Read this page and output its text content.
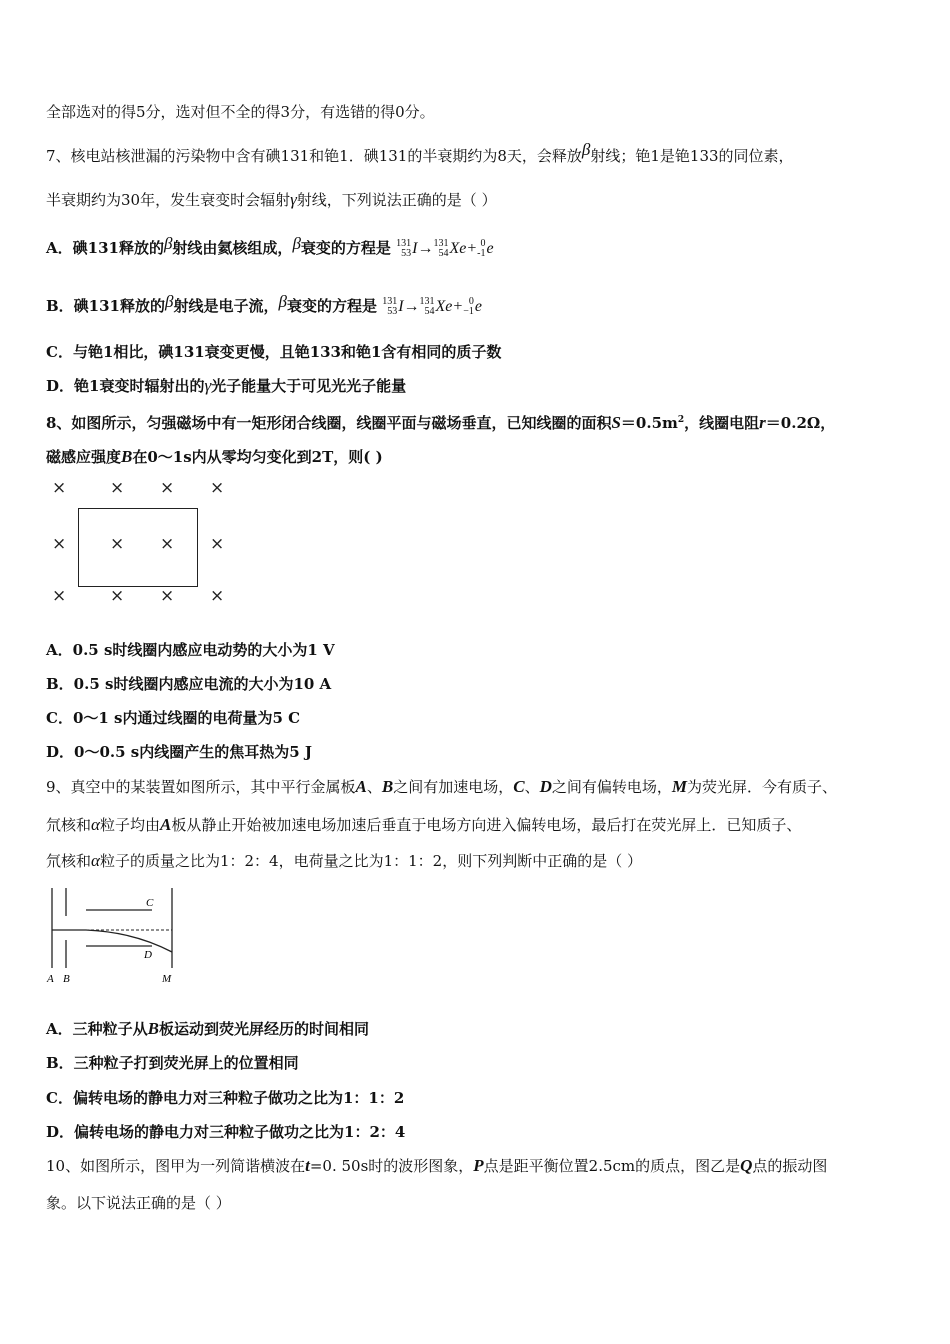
全部选对的得5分，选对但不全的得3分，有选错的得0分。
7、核电站核泄漏的污染物中含有碘131和铯1．碘131的半衰期约为8天，会释放β射线；铯1是铯133的同位素，
半衰期约为30年，发生衰变时会辐射γ射线，下列说法正确的是（ ）
A．碘131释放的β射线由氦核组成，β衰变的方程是 131
53I→131
54Xe+ 0
-1e
B．碘131释放的β射线是电子流，β衰变的方程是 131
53I→131
54Xe+ 0
−1e
C．与铯1相比，碘131衰变更慢，且铯133和铯1含有相同的质子数
D．铯1衰变时辐射出的γ光子能量大于可见光光子能量
8、如图所示，匀强磁场中有一矩形闭合线圈，线圈平面与磁场垂直，已知线圈的面积$S=0.5m^2$，线圈电阻r＝0.2Ω，
磁感应强度B在0～1s内从零均匀变化到2T，则( )
×	× × ×
×	× × ×
×	× × ×
A．0.5 s时线圈内感应电动势的大小为1 V
B．0.5 s时线圈内感应电流的大小为10 A
C．0～1 s内通过线圈的电荷量为5 C
D．0～0.5 s内线圈产生的焦耳热为5 J
9、真空中的某装置如图所示，其中平行金属板A、B之间有加速电场，C、D之间有偏转电场，M为荧光屏．今有质子、
氘核和α粒子均由A板从静止开始被加速电场加速后垂直于电场方向进入偏转电场，最后打在荧光屏上．已知质子、
氘核和α粒子的质量之比为1：2：4，电荷量之比为1：1：2，则下列判断中正确的是（ ）
C
D
A B	M
A．三种粒子从B板运动到荧光屏经历的时间相同
B．三种粒子打到荧光屏上的位置相同
C．偏转电场的静电力对三种粒子做功之比为1：1：2
D．偏转电场的静电力对三种粒子做功之比为1：2：4
10、如图所示，图甲为一列简谐横波在t=0. 50s时的波形图象，P点是距平衡位置2.5cm的质点，图乙是Q点的振动图
象。以下说法正确的是（ ）
